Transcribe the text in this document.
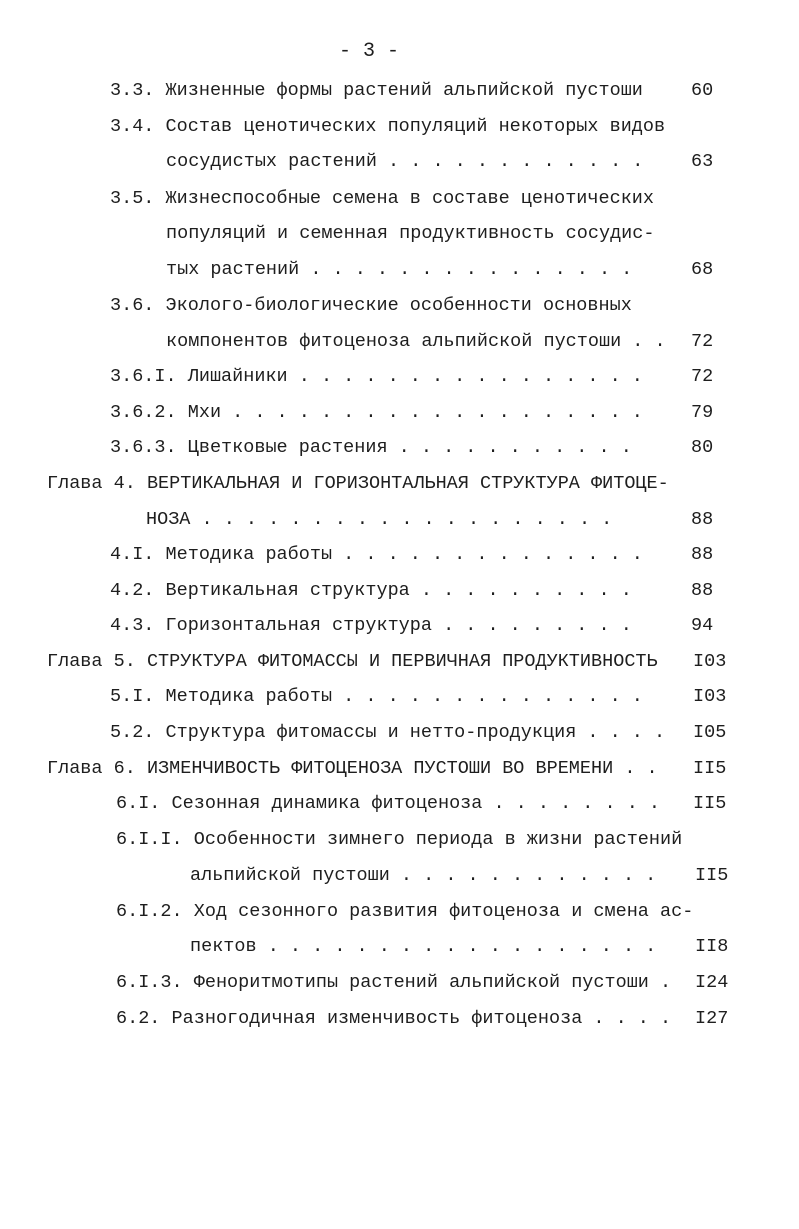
- 3 -
3.3. Жизненные формы растений альпийской пустоши	60
3.4. Состав ценотических популяций некоторых видов
сосудистых растений . . . . . . . . . . . .	63
3.5. Жизнеспособные семена в составе ценотических
популяций и семенная продуктивность сосудис-
тых растений . . . . . . . . . . . . . . .	68
3.6. Эколого-биологические особенности основных
компонентов фитоценоза альпийской пустоши . . 72
3.6.I. Лишайники . . . . . . . . . . . . . . . .	72
3.6.2. Мхи . . . . . . . . . . . . . . . . . . .	79
3.6.3. Цветковые растения . . . . . . . . . . .	80
Глава 4. ВЕРТИКАЛЬНАЯ И ГОРИЗОНТАЛЬНАЯ СТРУКТУРА ФИТОЦЕ-
НОЗА . . . . . . . . . . . . . . . . . . .	88
4.I. Методика работы . . . . . . . . . . . . . .	88
4.2. Вертикальная структура . . . . . . . . . .	88
4.3. Горизонтальная структура . . . . . . . . .	94
Глава 5. СТРУКТУРА ФИТОМАССЫ И ПЕРВИЧНАЯ ПРОДУКТИВНОСТЬ I03
5.I. Методика работы . . . . . . . . . . . . . .	I03
5.2. Структура фитомассы и нетто-продукция . . . . I05
Глава 6. ИЗМЕНЧИВОСТЬ ФИТОЦЕНОЗА ПУСТОШИ ВО ВРЕМЕНИ . . II5
6.I. Сезонная динамика фитоценоза . . . . . . . . II5
6.I.I. Особенности зимнего периода в жизни растений
альпийской пустоши . . . . . . . . . . . . II5
6.I.2. Ход сезонного развития фитоценоза и смена ас-
пектов . . . . . . . . . . . . . . . . . . II8
6.I.3. Феноритмотипы растений альпийской пустоши . I24
6.2. Разногодичная изменчивость фитоценоза . . . . I27
